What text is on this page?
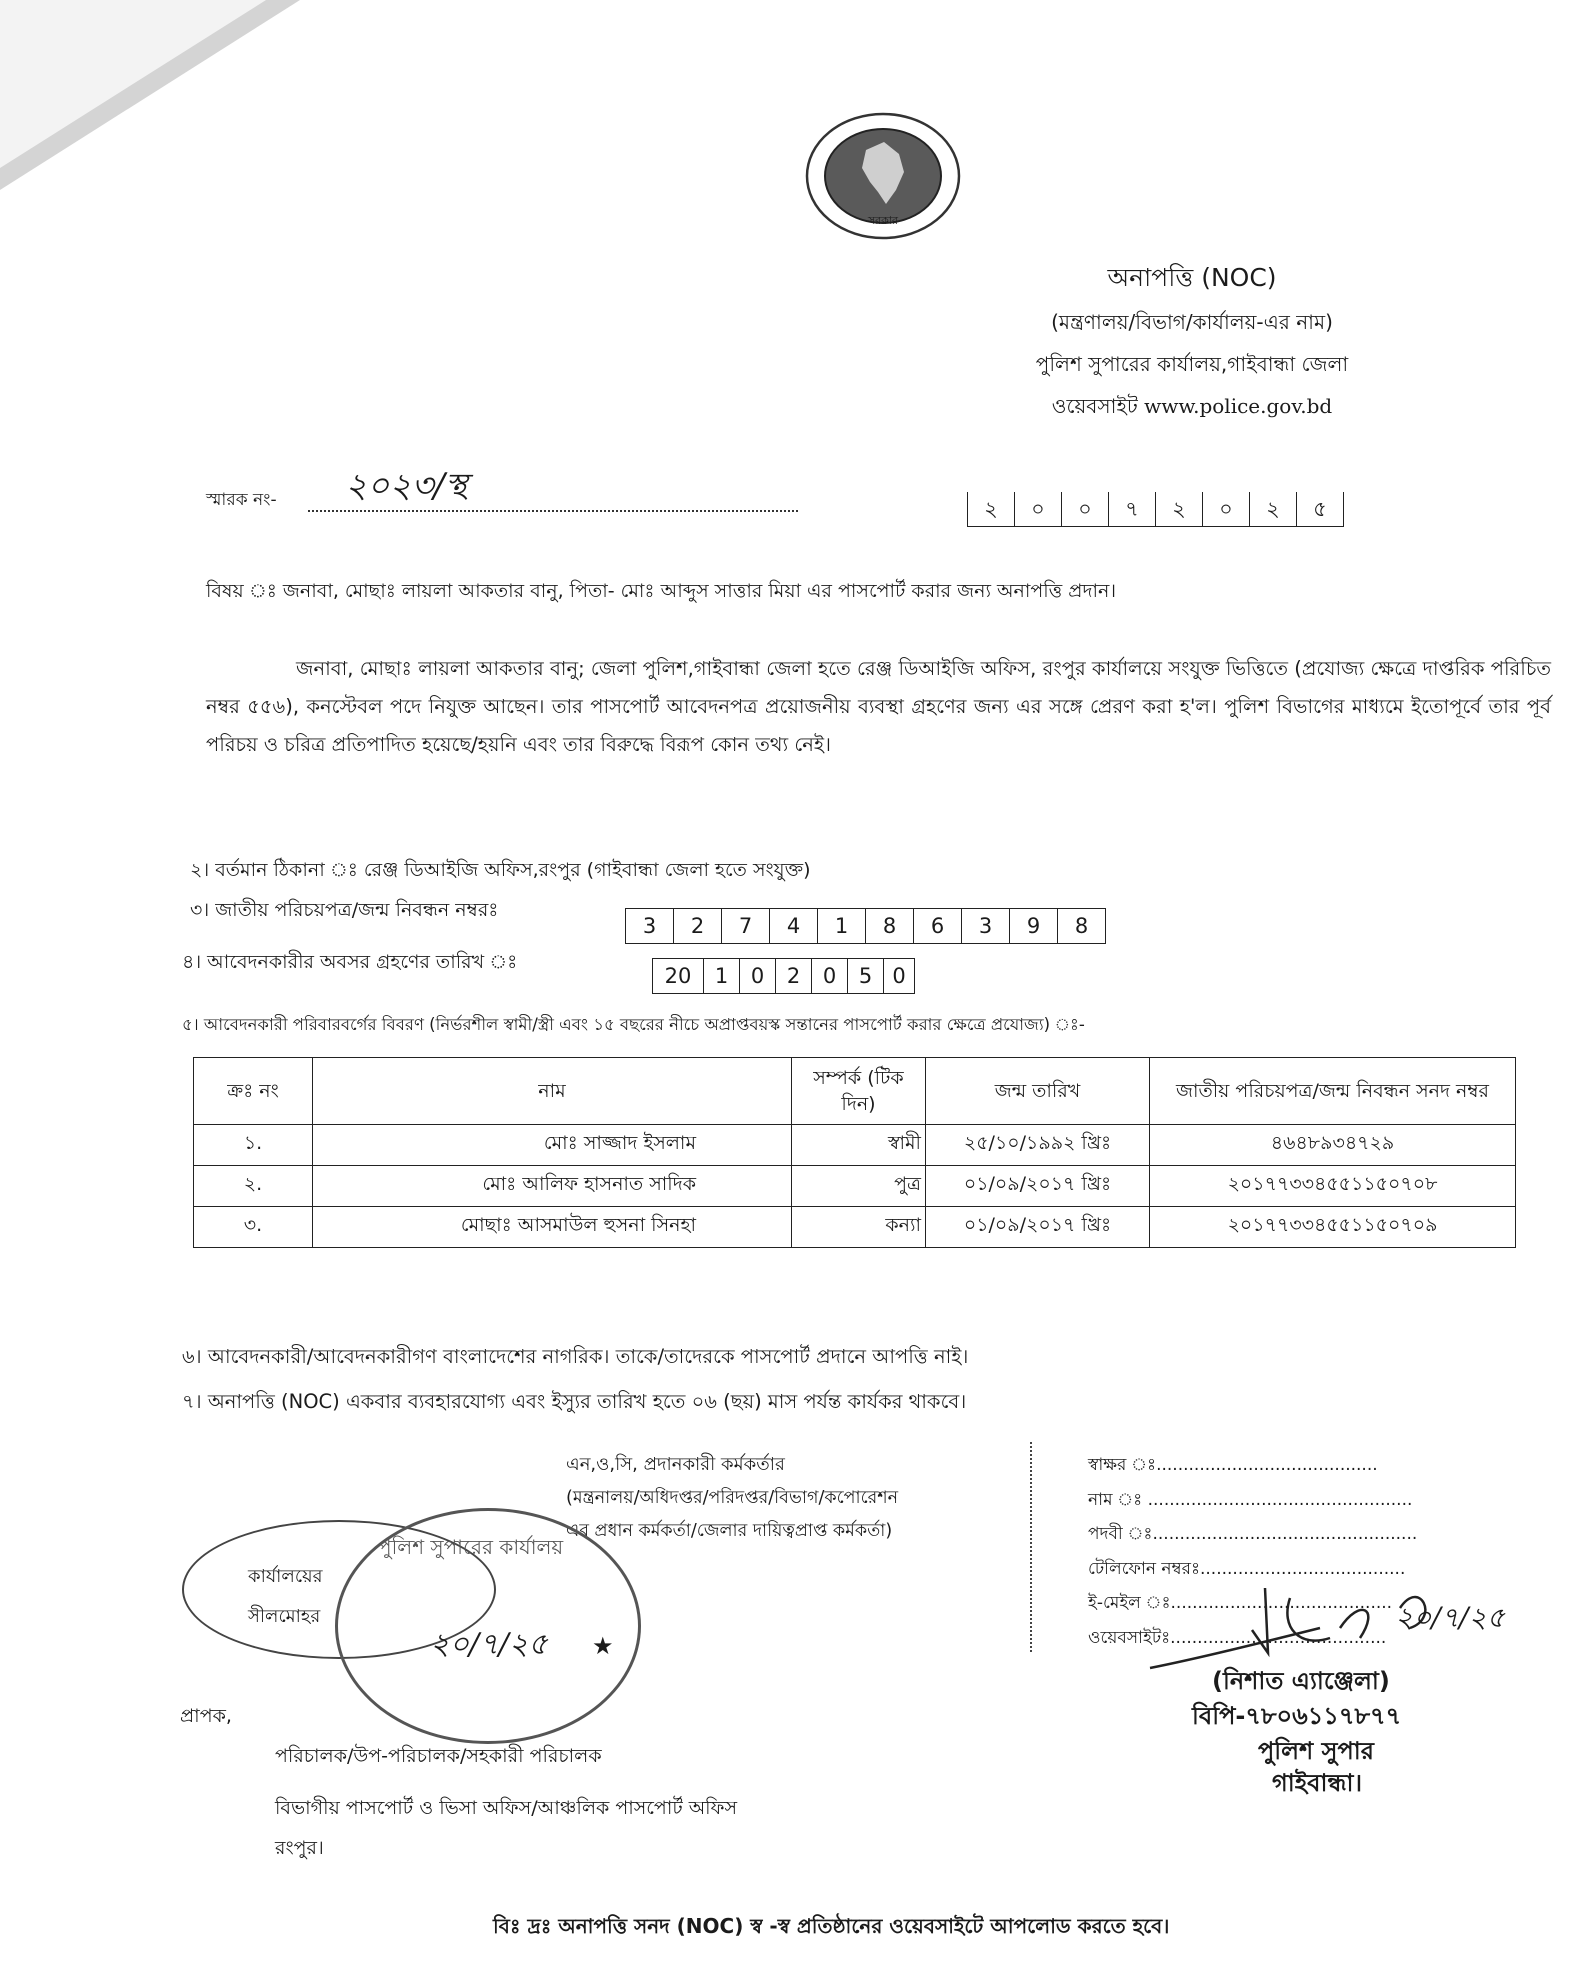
সরকার
অনাপত্তি (NOC)
(মন্ত্রণালয়/বিভাগ/কার্যালয়-এর নাম)
পুলিশ সুপারের কার্যালয়,গাইবান্ধা জেলা
ওয়েবসাইট www.police.gov.bd
স্মারক নং- ২০২৩/স্থ
২	০	০	৭	২	০	২	৫
বিষয় ঃ জনাবা, মোছাঃ লায়লা আকতার বানু, পিতা- মোঃ আব্দুস সাত্তার মিয়া এর পাসপোর্ট করার জন্য অনাপত্তি প্রদান।
জনাবা, মোছাঃ লায়লা আকতার বানু; জেলা পুলিশ,গাইবান্ধা জেলা হতে রেঞ্জ ডিআইজি অফিস, রংপুর কার্যালয়ে সংযুক্ত ভিত্তিতে (প্রযোজ্য ক্ষেত্রে দাপ্তরিক পরিচিত নম্বর ৫৫৬), কনস্টেবল পদে নিযুক্ত আছেন। তার পাসপোর্ট আবেদনপত্র প্রয়োজনীয় ব্যবস্থা গ্রহণের জন্য এর সঙ্গে প্রেরণ করা হ'ল। পুলিশ বিভাগের মাধ্যমে ইতোপূর্বে তার পূর্ব পরিচয় ও চরিত্র প্রতিপাদিত হয়েছে/হয়নি এবং তার বিরুদ্ধে বিরূপ কোন তথ্য নেই।
২। বর্তমান ঠিকানা ঃ রেঞ্জ ডিআইজি অফিস,রংপুর (গাইবান্ধা জেলা হতে সংযুক্ত)
৩। জাতীয় পরিচয়পত্র/জন্ম নিবন্ধন নম্বরঃ
3	2	7	4	1	8	6	3	9	8
৪। আবেদনকারীর অবসর গ্রহণের তারিখ ঃ
20	1	0	2	0	5 0
৫। আবেদনকারী পরিবারবর্গের বিবরণ (নির্ভরশীল স্বামী/স্ত্রী এবং ১৫ বছরের নীচে অপ্রাপ্তবয়স্ক সন্তানের পাসপোর্ট করার ক্ষেত্রে প্রযোজ্য) ঃ-
ক্রঃ নং	নাম	সম্পর্ক (টিক দিন)	জন্ম তারিখ	জাতীয় পরিচয়পত্র/জন্ম নিবন্ধন সনদ নম্বর
১.	মোঃ সাজ্জাদ ইসলাম	স্বামী	২৫/১০/১৯৯২ খ্রিঃ	৪৬৪৮৯৩৪৭২৯
২.	মোঃ আলিফ হাসনাত সাদিক	পুত্র	০১/০৯/২০১৭ খ্রিঃ	২০১৭৭৩৩৪৫৫১১৫০৭০৮
৩.	মোছাঃ আসমাউল হুসনা সিনহা	কন্যা	০১/০৯/২০১৭ খ্রিঃ	২০১৭৭৩৩৪৫৫১১৫০৭০৯
৬। আবেদনকারী/আবেদনকারীগণ বাংলাদেশের নাগরিক। তাকে/তাদেরকে পাসপোর্ট প্রদানে আপত্তি নাই।
৭। অনাপত্তি (NOC) একবার ব্যবহারযোগ্য এবং ইস্যুর তারিখ হতে ০৬ (ছয়) মাস পর্যন্ত কার্যকর থাকবে।
এন,ও,সি, প্রদানকারী কর্মকর্তার
(মন্ত্রনালয়/অধিদপ্তর/পরিদপ্তর/বিভাগ/কপোরেশন
এর প্রধান কর্মকর্তা/জেলার দায়িত্বপ্রাপ্ত কর্মকর্তা)
স্বাক্ষর ঃ.........................................
নাম ঃ .................................................
পদবী ঃ.................................................
টেলিফোন নম্বরঃ......................................
ই-মেইল ঃ.........................................
ওয়েবসাইটঃ........................................
২০/৭/২৫
(নিশাত এ্যাঞ্জেলা)
বিপি-৭৮০৬১১৭৮৭৭
পুলিশ সুপার
গাইবান্ধা।
পুলিশ সুপারের কার্যালয়
কার্যালয়ের
সীলমোহর
২০/৭/২৫ ★
প্রাপক,
পরিচালক/উপ-পরিচালক/সহকারী পরিচালক
বিভাগীয় পাসপোর্ট ও ভিসা অফিস/আঞ্চলিক পাসপোর্ট অফিস
রংপুর।
বিঃ দ্রঃ অনাপত্তি সনদ (NOC) স্ব -স্ব প্রতিষ্ঠানের ওয়েবসাইটে আপলোড করতে হবে।
